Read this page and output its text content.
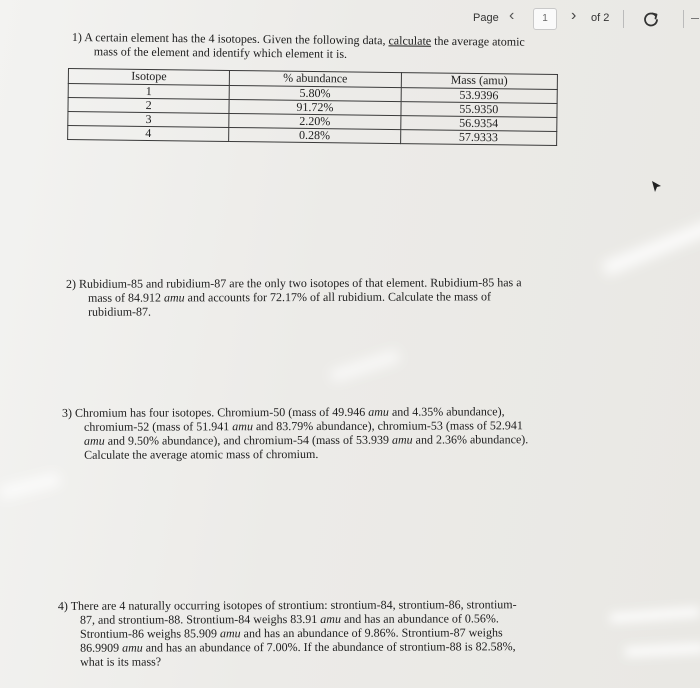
Page ‹	1	› of 2
1) A certain element has the 4 isotopes. Given the following data, calculate the average atomic
mass of the element and identify which element it is.
Isotope	% abundance	Mass (amu)
1	5.80%	53.9396
2	91.72%	55.9350
3	2.20%	56.9354
4	0.28%	57.9333
2) Rubidium-85 and rubidium-87 are the only two isotopes of that element. Rubidium-85 has a
mass of 84.912 amu and accounts for 72.17% of all rubidium. Calculate the mass of
rubidium-87.
3) Chromium has four isotopes. Chromium-50 (mass of 49.946 amu and 4.35% abundance),
chromium-52 (mass of 51.941 amu and 83.79% abundance), chromium-53 (mass of 52.941
amu and 9.50% abundance), and chromium-54 (mass of 53.939 amu and 2.36% abundance).
Calculate the average atomic mass of chromium.
4) There are 4 naturally occurring isotopes of strontium: strontium-84, strontium-86, strontium-
87, and strontium-88. Strontium-84 weighs 83.91 amu and has an abundance of 0.56%.
Strontium-86 weighs 85.909 amu and has an abundance of 9.86%. Strontium-87 weighs
86.9909 amu and has an abundance of 7.00%. If the abundance of strontium-88 is 82.58%,
what is its mass?
